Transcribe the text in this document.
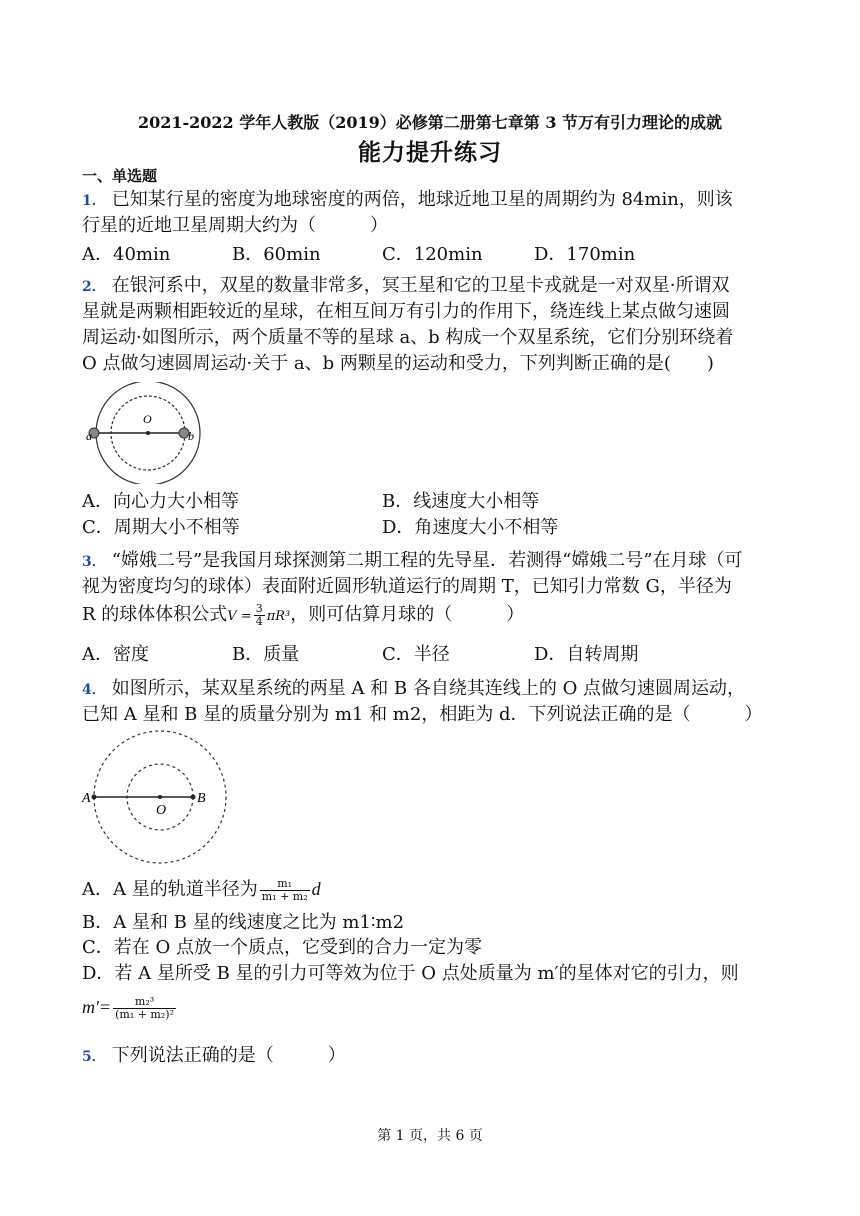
2021-2022 学年人教版（2019）必修第二册第七章第 3 节万有引力理论的成就
能力提升练习
一、单选题
1． 已知某行星的密度为地球密度的两倍，地球近地卫星的周期约为 84min，则该
行星的近地卫星周期大约为（　　　）
A．40min	B．60min	C．120min	D．170min
2． 在银河系中，双星的数量非常多，冥王星和它的卫星卡戎就是一对双星·所谓双
星就是两颗相距较近的星球，在相互间万有引力的作用下，绕连线上某点做匀速圆
周运动·如图所示，两个质量不等的星球 a、b 构成一个双星系统，它们分别环绕着
O 点做匀速圆周运动·关于 a、b 两颗星的运动和受力，下列判断正确的是(　　)
a
O
b
A．向心力大小相等	B．线速度大小相等
C．周期大小不相等	D．角速度大小不相等
3． “嫦娥二号”是我国月球探测第二期工程的先导星．若测得“嫦娥二号”在月球（可
视为密度均匀的球体）表面附近圆形轨道运行的周期 T，已知引力常数 G，半径为
R 的球体体积公式$V = \frac{3}{4} \pi R^3$，则可估算月球的（　　　）
A．密度	B．质量	C．半径	D．自转周期
4． 如图所示，某双星系统的两星 A 和 B 各自绕其连线上的 O 点做匀速圆周运动，
已知 A 星和 B 星的质量分别为 m1 和 m2，相距为 d．下列说法正确的是（　　　）
A
O
B
A．A 星的轨道半径为 $\frac{\text{m₁}}{\text{m₁ + m₂}}$ d
B．A 星和 B 星的线速度之比为 m1∶m2
C．若在 O 点放一个质点，它受到的合力一定为零
D．若 A 星所受 B 星的引力可等效为位于 O 点处质量为 m′的星体对它的引力，则
$m'= \frac{\text{m₂³}}{\text{(m₁ + m₂)²}}$
5． 下列说法正确的是（　　　）
第 1 页，共 6 页
